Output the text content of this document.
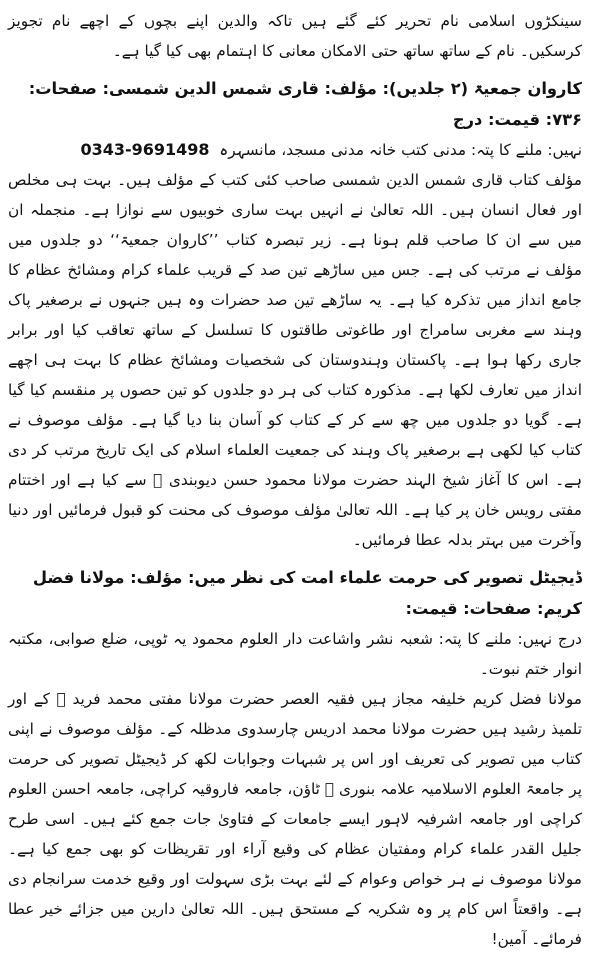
سینکڑوں اسلامی نام تحریر کئے گئے ہیں تاکہ والدین اپنے بچوں کے اچھے نام تجویز کرسکیں۔ نام کے ساتھ ساتھ حتی الامکان معانی کا اہتمام بھی کیا گیا ہے۔

کاروان جمعیۃ (۲ جلدیں): مؤلف: قاری شمس الدین شمسی: صفحات: ۷۳۶: قیمت: درج

نہیں: ملنے کا پتہ: مدنی کتب خانہ مدنی مسجد، مانسہرہ  0343-9691498

مؤلف کتاب قاری شمس الدین شمسی صاحب کئی کتب کے مؤلف ہیں۔ بہت ہی مخلص اور فعال انسان ہیں۔ اللہ تعالیٰ نے انہیں بہت ساری خوبیوں سے نوازا ہے۔ منجملہ ان میں سے ان کا صاحب قلم ہونا ہے۔ زیر تبصرہ کتاب ’’کاروان جمعیۃ‘‘ دو جلدوں میں مؤلف نے مرتب کی ہے۔ جس میں ساڑھے تین صد کے قریب علماء کرام ومشائخ عظام کا جامع انداز میں تذکرہ کیا ہے۔ یہ ساڑھے تین صد حضرات وہ ہیں جنہوں نے برصغیر پاک وہند سے مغربی سامراج اور طاغوتی طاقتوں کا تسلسل کے ساتھ تعاقب کیا اور برابر جاری رکھا ہوا ہے۔ پاکستان وہندوستان کی شخصیات ومشائخ عظام کا بہت ہی اچھے انداز میں تعارف لکھا ہے۔ مذکورہ کتاب کی ہر دو جلدوں کو تین حصوں پر منقسم کیا گیا ہے۔ گویا دو جلدوں میں چھ سے کر کے کتاب کو آسان بنا دیا گیا ہے۔ مؤلف موصوف نے کتاب کیا لکھی ہے برصغیر پاک وہند کی جمعیت العلماء اسلام کی ایک تاریخ مرتب کر دی ہے۔ اس کا آغاز شیخ الہند حضرت مولانا محمود حسن دیوبندی ﷫ سے کیا ہے اور اختتام مفتی رویس خان پر کیا ہے۔ اللہ تعالیٰ مؤلف موصوف کی محنت کو قبول فرمائیں اور دنیا وآخرت میں بہتر بدلہ عطا فرمائیں۔

ڈیجیٹل تصویر کی حرمت علماء امت کی نظر میں: مؤلف: مولانا فضل کریم: صفحات: قیمت:

درج نہیں: ملنے کا پتہ: شعبہ نشر واشاعت دار العلوم محمود یہ ٹوپی، ضلع صوابی، مکتبہ انوار ختم نبوت۔

مولانا فضل کریم خلیفہ مجاز ہیں فقیہ العصر حضرت مولانا مفتی محمد فرید ﷫ کے اور تلمیذ رشید ہیں حضرت مولانا محمد ادریس چارسدوی مدظلہ کے۔ مؤلف موصوف نے اپنی کتاب میں تصویر کی تعریف اور اس پر شبہات وجوابات لکھ کر ڈیجیٹل تصویر کی حرمت پر جامعۃ العلوم الاسلامیہ علامہ بنوری ﷫ ٹاؤن، جامعہ فاروقیہ کراچی، جامعہ احسن العلوم کراچی اور جامعہ اشرفیہ لاہور ایسے جامعات کے فتاویٰ جات جمع کئے ہیں۔ اسی طرح جلیل القدر علماء کرام ومفتیان عظام کی وقیع آراء اور تقریظات کو بھی جمع کیا ہے۔ مولانا موصوف نے ہر خواص وعوام کے لئے بہت بڑی سہولت اور وقیع خدمت سرانجام دی ہے۔ واقعتاً اس کام پر وہ شکریہ کے مستحق ہیں۔ اللہ تعالیٰ دارین میں جزائے خیر عطا فرمائے۔ آمین!
